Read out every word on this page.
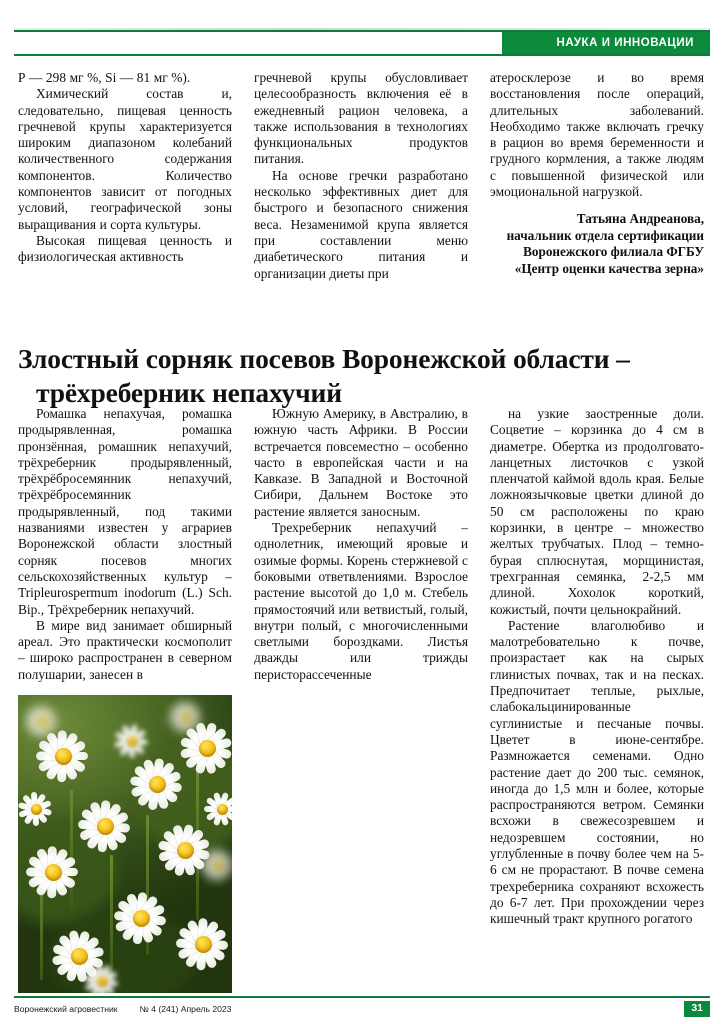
НАУКА И ИННОВАЦИИ

Р — 298 мг %, Si — 81 мг %).

Химический состав и, следовательно, пищевая ценность гречневой крупы характеризуется широким диапазоном колебаний количественного содержания компонентов. Количество компонентов зависит от погодных условий, географической зоны выращивания и сорта культуры.

Высокая пищевая ценность и физиологическая активность

гречневой крупы обусловливает целесообразность включения её в ежедневный рацион человека, а также использования в технологиях функциональных продуктов питания.

На основе гречки разработано несколько эффективных диет для быстрого и безопасного снижения веса. Незаменимой крупа является при составлении меню диабетического питания и организации диеты при

атеросклерозе и во время восстановления после операций, длительных заболеваний. Необходимо также включать гречку в рацион во время беременности и грудного кормления, а также людям с повышенной физической или эмоциональной нагрузкой.

Татьяна Андреанова,
начальник отдела сертификации
Воронежского филиала ФГБУ
«Центр оценки качества зерна»
Злостный сорняк посевов Воронежской области –
трёхреберник непахучий

Ромашка непахучая, ромашка продырявленная, ромашка пронзённая, ромашник непахучий, трёхреберник продырявленный, трёхрёбросемянник непахучий, трёхрёбросемянник продырявленный, под такими названиями известен у аграриев Воронежской области злостный сорняк посевов многих сельскохозяйственных культур – Tripleurospermum inodorum (L.) Sch. Bip., Трёхреберник непахучий.

В мире вид занимает обширный ареал. Это практически космополит – широко распространен в северном полушарии, занесен в

Южную Америку, в Австралию, в южную часть Африки. В России встречается повсеместно – особенно часто в европейская части и на Кавказе. В Западной и Восточной Сибири, Дальнем Востоке это растение является заносным.

Трехреберник непахучий – однолетник, имеющий яровые и озимые формы. Корень стержневой с боковыми ответвлениями. Взрослое растение высотой до 1,0 м. Стебель прямостоячий или ветвистый, голый, внутри полый, с многочисленными светлыми бороздками. Листья дважды или трижды перисторассеченные

на узкие заостренные доли. Соцветие – корзинка до 4 см в диаметре. Обертка из продолговато-ланцетных листочков с узкой пленчатой каймой вдоль края. Белые ложноязычковые цветки длиной до 50 см расположены по краю корзинки, в центре – множество желтых трубчатых. Плод – темно-бурая сплюснутая, морщинистая, трехгранная семянка, 2-2,5 мм длиной. Хохолок короткий, кожистый, почти цельнокрайний.

Растение влаголюбиво и малотребовательно к почве, произрастает как на сырых глинистых почвах, так и на песках. Предпочитает теплые, рыхлые, слабокальцинированные суглинистые и песчаные почвы. Цветет в июне-сентябре. Размножается семенами. Одно растение дает до 200 тыс. семянок, иногда до 1,5 млн и более, которые распространяются ветром. Семянки всхожи в свежесозревшем и недозревшем состоянии, но углубленные в почву более чем на 5-6 см не прорастают. В почве семена трехреберника сохраняют всхожесть до 6-7 лет. При прохождении через кишечный тракт крупного рогатого

Воронежский агровестник	№ 4 (241) Апрель 2023	31
